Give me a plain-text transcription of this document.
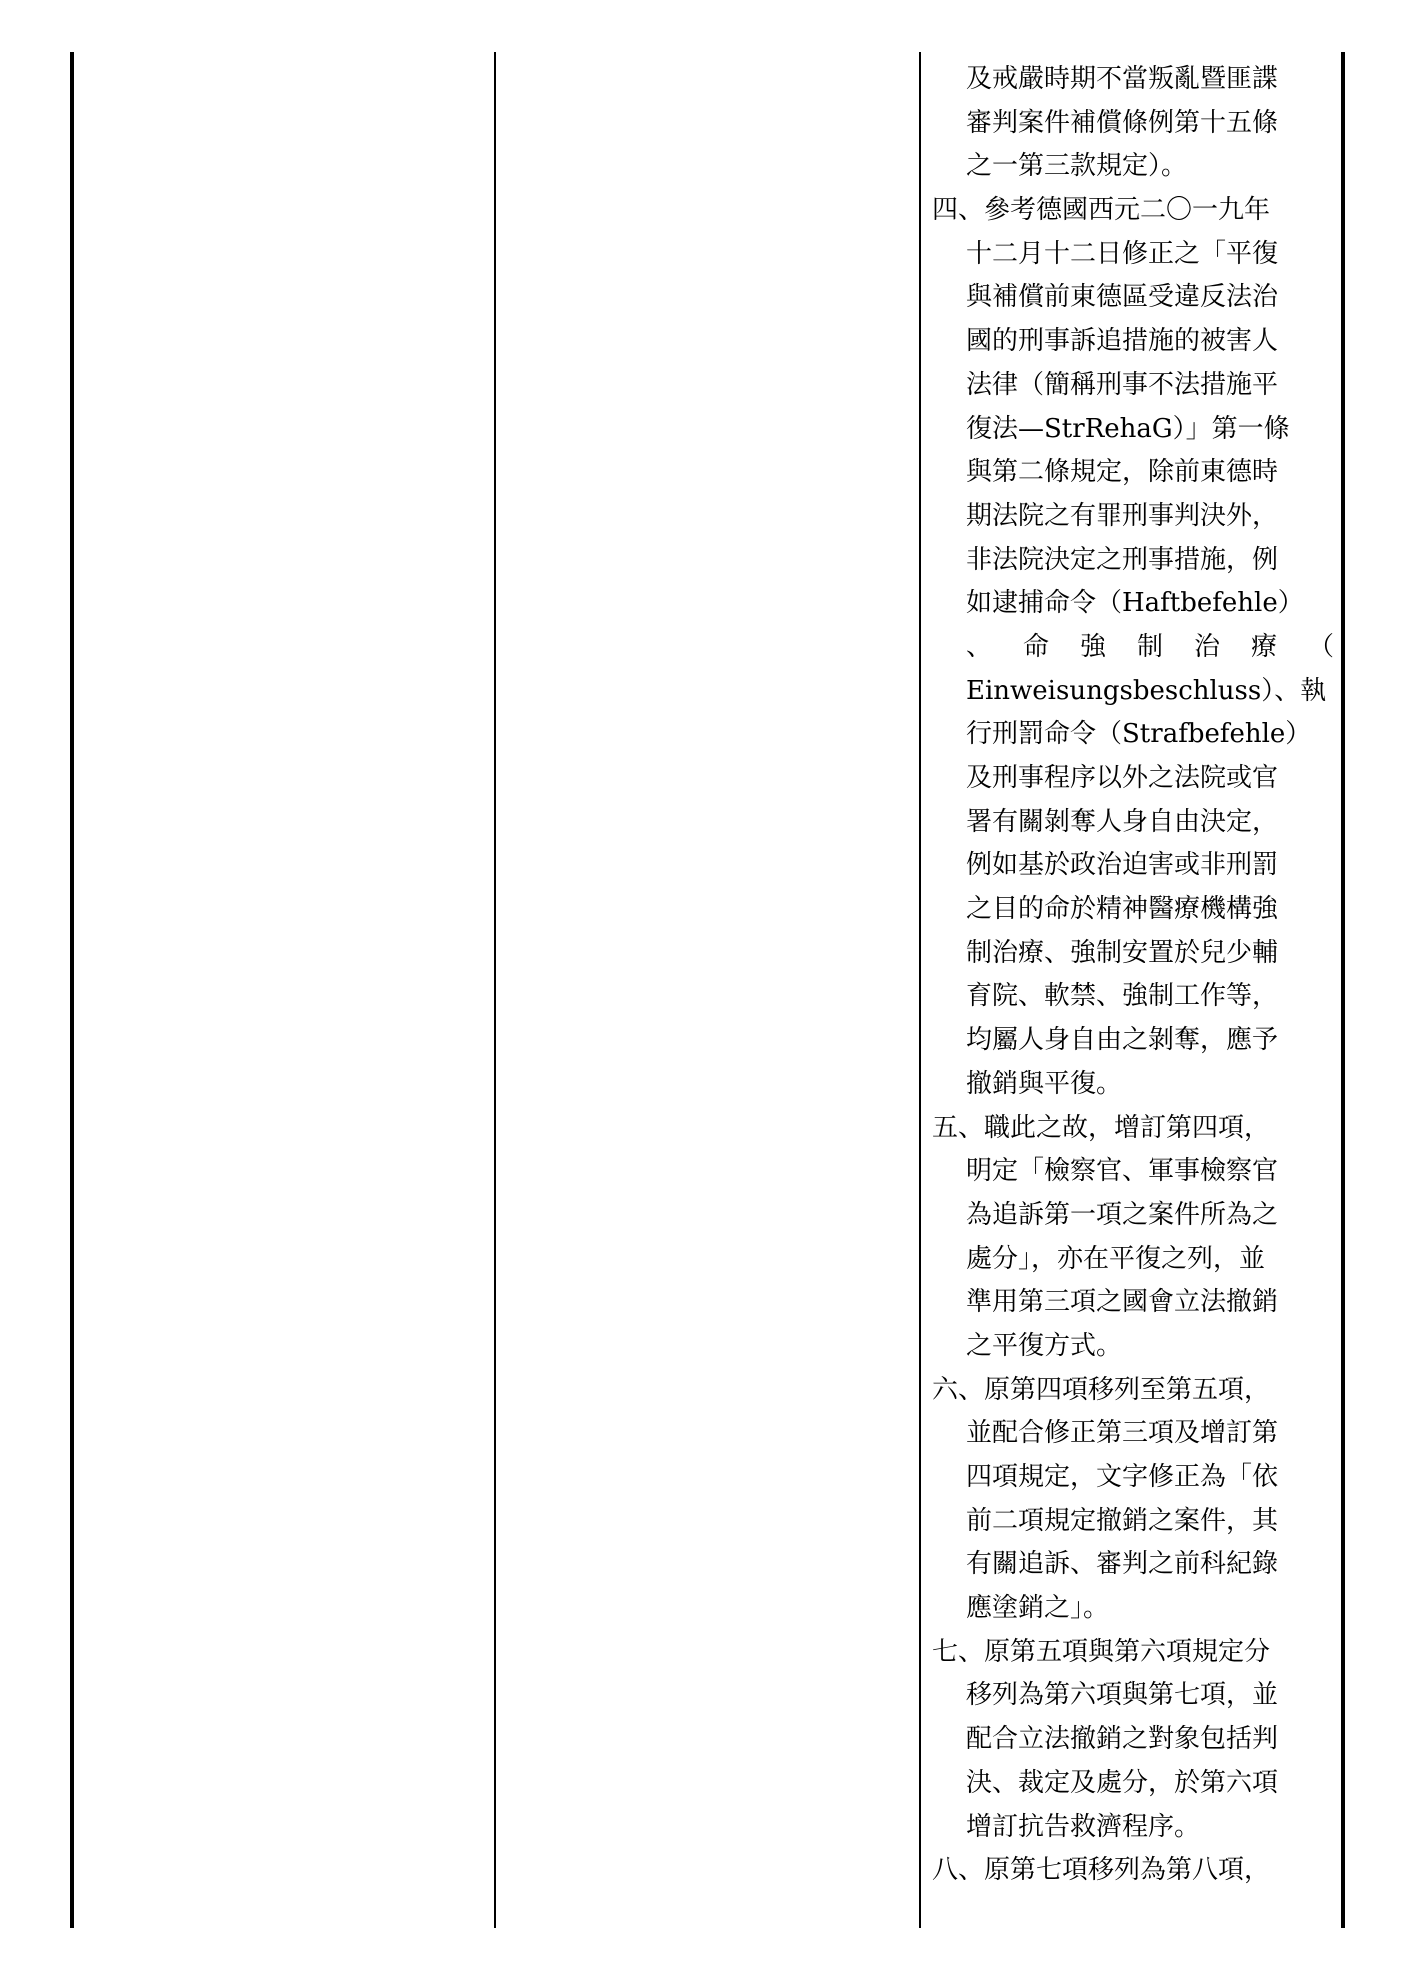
及戒嚴時期不當叛亂暨匪諜
審判案件補償條例第十五條
之一第三款規定）。
四、參考德國西元二〇一九年
十二月十二日修正之「平復
與補償前東德區受違反法治
國的刑事訴追措施的被害人
法律（簡稱刑事不法措施平
復法—StrRehaG）」第一條
與第二條規定，除前東德時
期法院之有罪刑事判決外，
非法院決定之刑事措施，例
如逮捕命令（Haftbefehle）
、 命 強 制 治 療 （
Einweisungsbeschluss）、執
行刑罰命令（Strafbefehle）
及刑事程序以外之法院或官
署有關剝奪人身自由決定，
例如基於政治迫害或非刑罰
之目的命於精神醫療機構強
制治療、強制安置於兒少輔
育院、軟禁、強制工作等，
均屬人身自由之剝奪，應予
撤銷與平復。
五、職此之故，增訂第四項，
明定「檢察官、軍事檢察官
為追訴第一項之案件所為之
處分」，亦在平復之列，並
準用第三項之國會立法撤銷
之平復方式。
六、原第四項移列至第五項，
並配合修正第三項及增訂第
四項規定，文字修正為「依
前二項規定撤銷之案件，其
有關追訴、審判之前科紀錄
應塗銷之」。
七、原第五項與第六項規定分
移列為第六項與第七項，並
配合立法撤銷之對象包括判
決、裁定及處分，於第六項
增訂抗告救濟程序。
八、原第七項移列為第八項，
